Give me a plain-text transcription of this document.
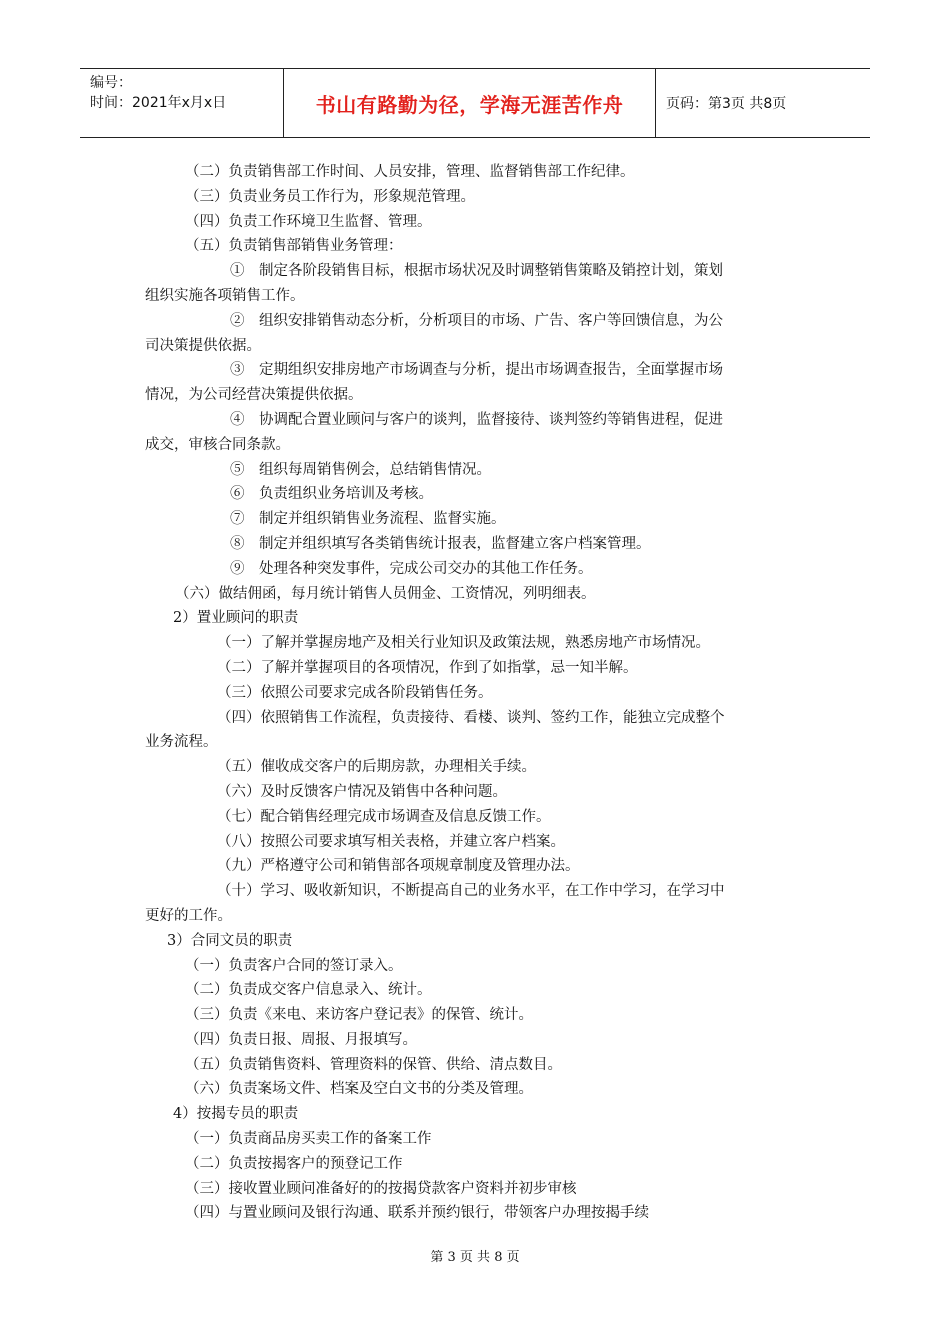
编号：
时间：2021年x月x日	书山有路勤为径，学海无涯苦作舟	页码：第3页 共8页
（二）负责销售部工作时间、人员安排，管理、监督销售部工作纪律。
（三）负责业务员工作行为，形象规范管理。
（四）负责工作环境卫生监督、管理。
（五）负责销售部销售业务管理：
①　制定各阶段销售目标，根据市场状况及时调整销售策略及销控计划，策划
组织实施各项销售工作。
②　组织安排销售动态分析，分析项目的市场、广告、客户等回馈信息，为公
司决策提供依据。
③　定期组织安排房地产市场调查与分析，提出市场调查报告，全面掌握市场
情况，为公司经营决策提供依据。
④　协调配合置业顾问与客户的谈判，监督接待、谈判签约等销售进程，促进
成交，审核合同条款。
⑤　组织每周销售例会，总结销售情况。
⑥　负责组织业务培训及考核。
⑦　制定并组织销售业务流程、监督实施。
⑧　制定并组织填写各类销售统计报表，监督建立客户档案管理。
⑨　处理各种突发事件，完成公司交办的其他工作任务。
（六）做结佣函，每月统计销售人员佣金、工资情况，列明细表。
2）置业顾问的职责
（一）了解并掌握房地产及相关行业知识及政策法规，熟悉房地产市场情况。
（二）了解并掌握项目的各项情况，作到了如指掌，忌一知半解。
（三）依照公司要求完成各阶段销售任务。
（四）依照销售工作流程，负责接待、看楼、谈判、签约工作，能独立完成整个
业务流程。
（五）催收成交客户的后期房款，办理相关手续。
（六）及时反馈客户情况及销售中各种问题。
（七）配合销售经理完成市场调查及信息反馈工作。
（八）按照公司要求填写相关表格，并建立客户档案。
（九）严格遵守公司和销售部各项规章制度及管理办法。
（十）学习、吸收新知识，不断提高自己的业务水平，在工作中学习，在学习中
更好的工作。
3）合同文员的职责
（一）负责客户合同的签订录入。
（二）负责成交客户信息录入、统计。
（三）负责《来电、来访客户登记表》的保管、统计。
（四）负责日报、周报、月报填写。
（五）负责销售资料、管理资料的保管、供给、清点数目。
（六）负责案场文件、档案及空白文书的分类及管理。
4）按揭专员的职责
（一）负责商品房买卖工作的备案工作
（二）负责按揭客户的预登记工作
（三）接收置业顾问准备好的的按揭贷款客户资料并初步审核
（四）与置业顾问及银行沟通、联系并预约银行，带领客户办理按揭手续
第 3 页 共 8 页
